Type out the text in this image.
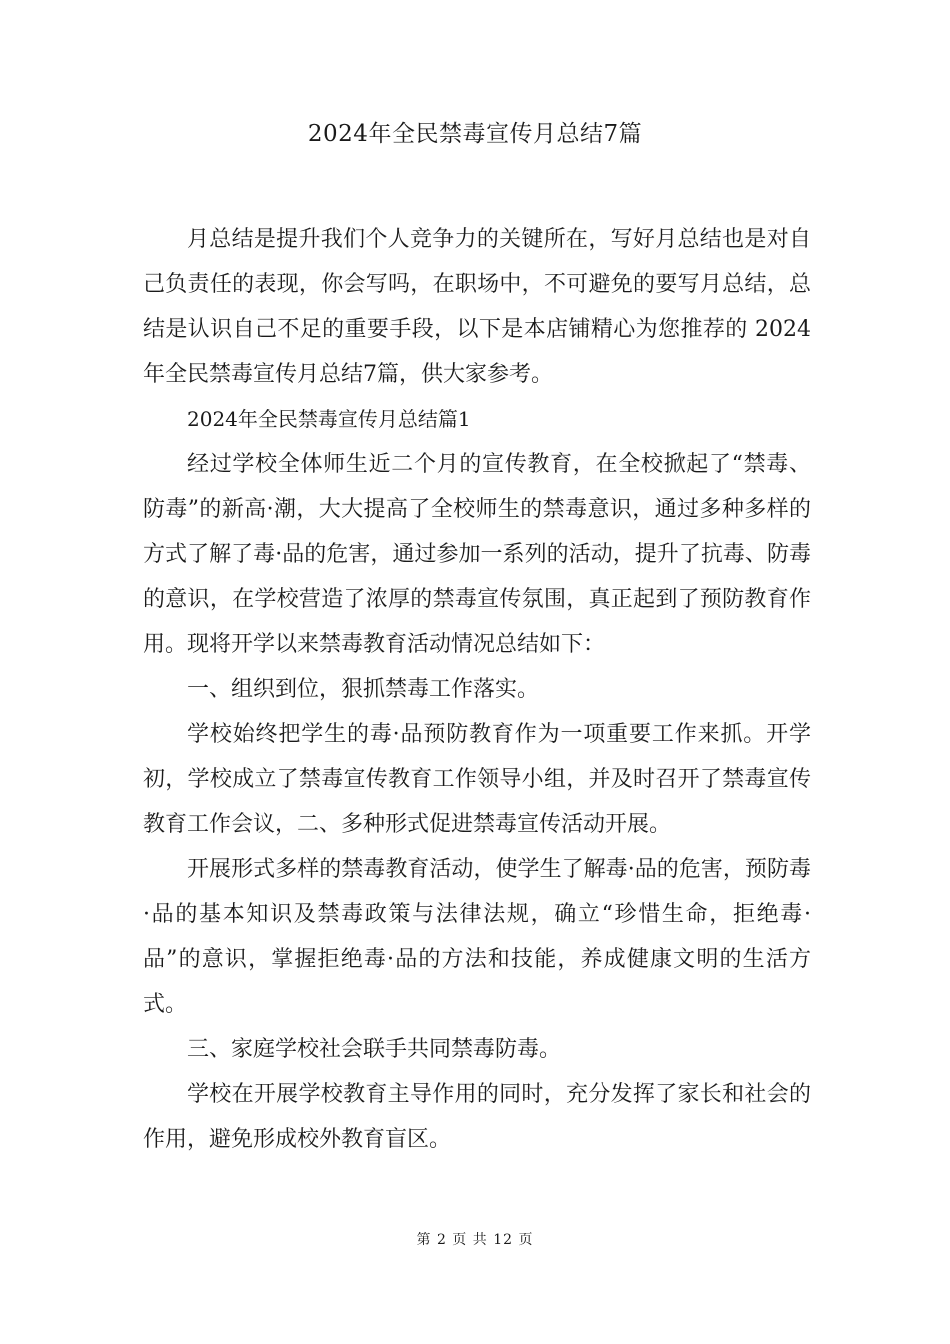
2024年全民禁毒宣传月总结7篇

月总结是提升我们个人竞争力的关键所在，写好月总结也是对自己负责任的表现，你会写吗，在职场中，不可避免的要写月总结，总结是认识自己不足的重要手段，以下是本店铺精心为您推荐的 2024年全民禁毒宣传月总结7篇，供大家参考。

2024年全民禁毒宣传月总结篇1

经过学校全体师生近二个月的宣传教育，在全校掀起了“禁毒、防毒”的新高·潮，大大提高了全校师生的禁毒意识，通过多种多样的方式了解了毒·品的危害，通过参加一系列的活动，提升了抗毒、防毒的意识，在学校营造了浓厚的禁毒宣传氛围，真正起到了预防教育作用。现将开学以来禁毒教育活动情况总结如下：

一、组织到位，狠抓禁毒工作落实。

学校始终把学生的毒·品预防教育作为一项重要工作来抓。开学初，学校成立了禁毒宣传教育工作领导小组，并及时召开了禁毒宣传教育工作会议，二、多种形式促进禁毒宣传活动开展。

开展形式多样的禁毒教育活动，使学生了解毒·品的危害，预防毒·品的基本知识及禁毒政策与法律法规，确立“珍惜生命，拒绝毒·品”的意识，掌握拒绝毒·品的方法和技能，养成健康文明的生活方式。

三、家庭学校社会联手共同禁毒防毒。

学校在开展学校教育主导作用的同时，充分发挥了家长和社会的作用，避免形成校外教育盲区。

第 2 页 共 12 页
